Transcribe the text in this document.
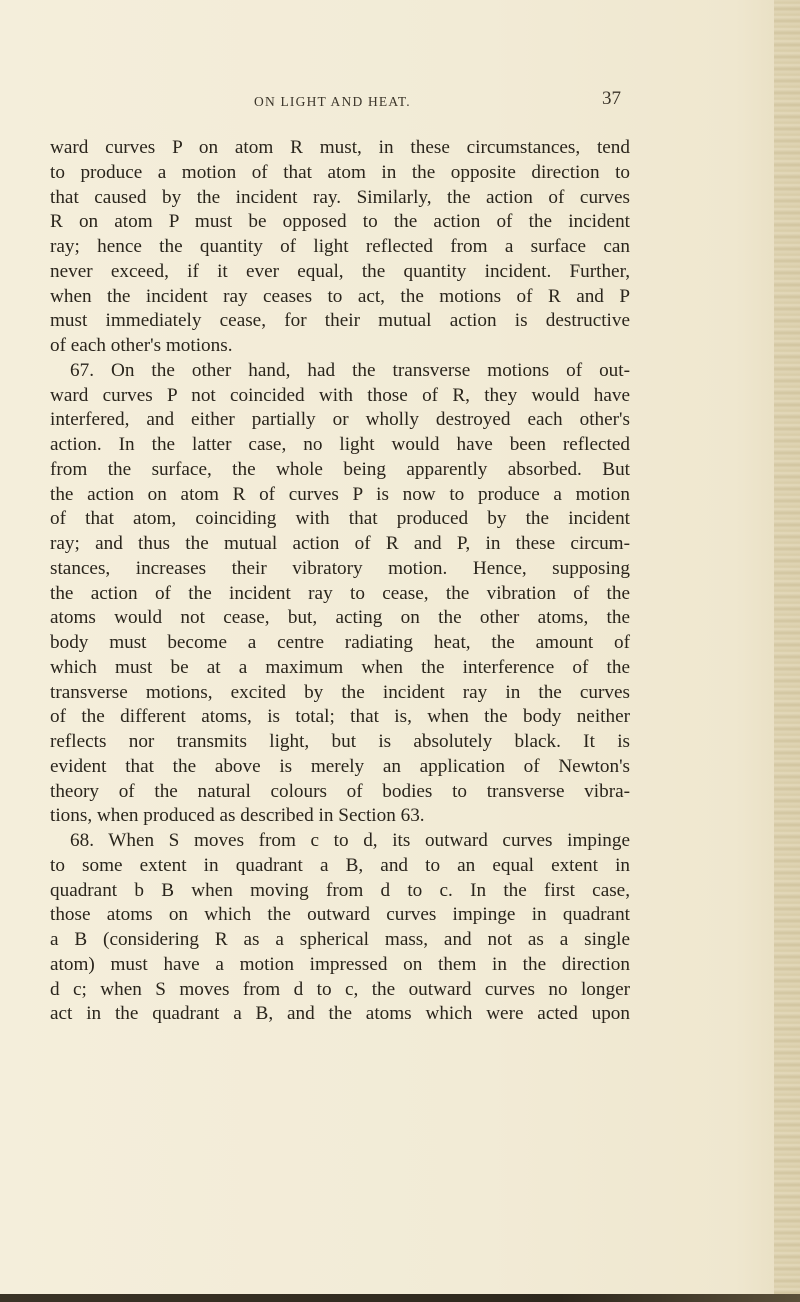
ON LIGHT AND HEAT.	37
ward curves P on atom R must, in these circumstances, tend
to produce a motion of that atom in the opposite direction to
that caused by the incident ray. Similarly, the action of curves
R on atom P must be opposed to the action of the incident
ray; hence the quantity of light reflected from a surface can
never exceed, if it ever equal, the quantity incident. Further,
when the incident ray ceases to act, the motions of R and P
must immediately cease, for their mutual action is destructive
of each other's motions.
67. On the other hand, had the transverse motions of out-
ward curves P not coincided with those of R, they would have
interfered, and either partially or wholly destroyed each other's
action. In the latter case, no light would have been reflected
from the surface, the whole being apparently absorbed. But
the action on atom R of curves P is now to produce a motion
of that atom, coinciding with that produced by the incident
ray; and thus the mutual action of R and P, in these circum-
stances, increases their vibratory motion. Hence, supposing
the action of the incident ray to cease, the vibration of the
atoms would not cease, but, acting on the other atoms, the
body must become a centre radiating heat, the amount of
which must be at a maximum when the interference of the
transverse motions, excited by the incident ray in the curves
of the different atoms, is total; that is, when the body neither
reflects nor transmits light, but is absolutely black. It is
evident that the above is merely an application of Newton's
theory of the natural colours of bodies to transverse vibra-
tions, when produced as described in Section 63.
68. When S moves from c to d, its outward curves impinge
to some extent in quadrant a B, and to an equal extent in
quadrant b B when moving from d to c. In the first case,
those atoms on which the outward curves impinge in quadrant
a B (considering R as a spherical mass, and not as a single
atom) must have a motion impressed on them in the direction
d c; when S moves from d to c, the outward curves no longer
act in the quadrant a B, and the atoms which were acted upon
